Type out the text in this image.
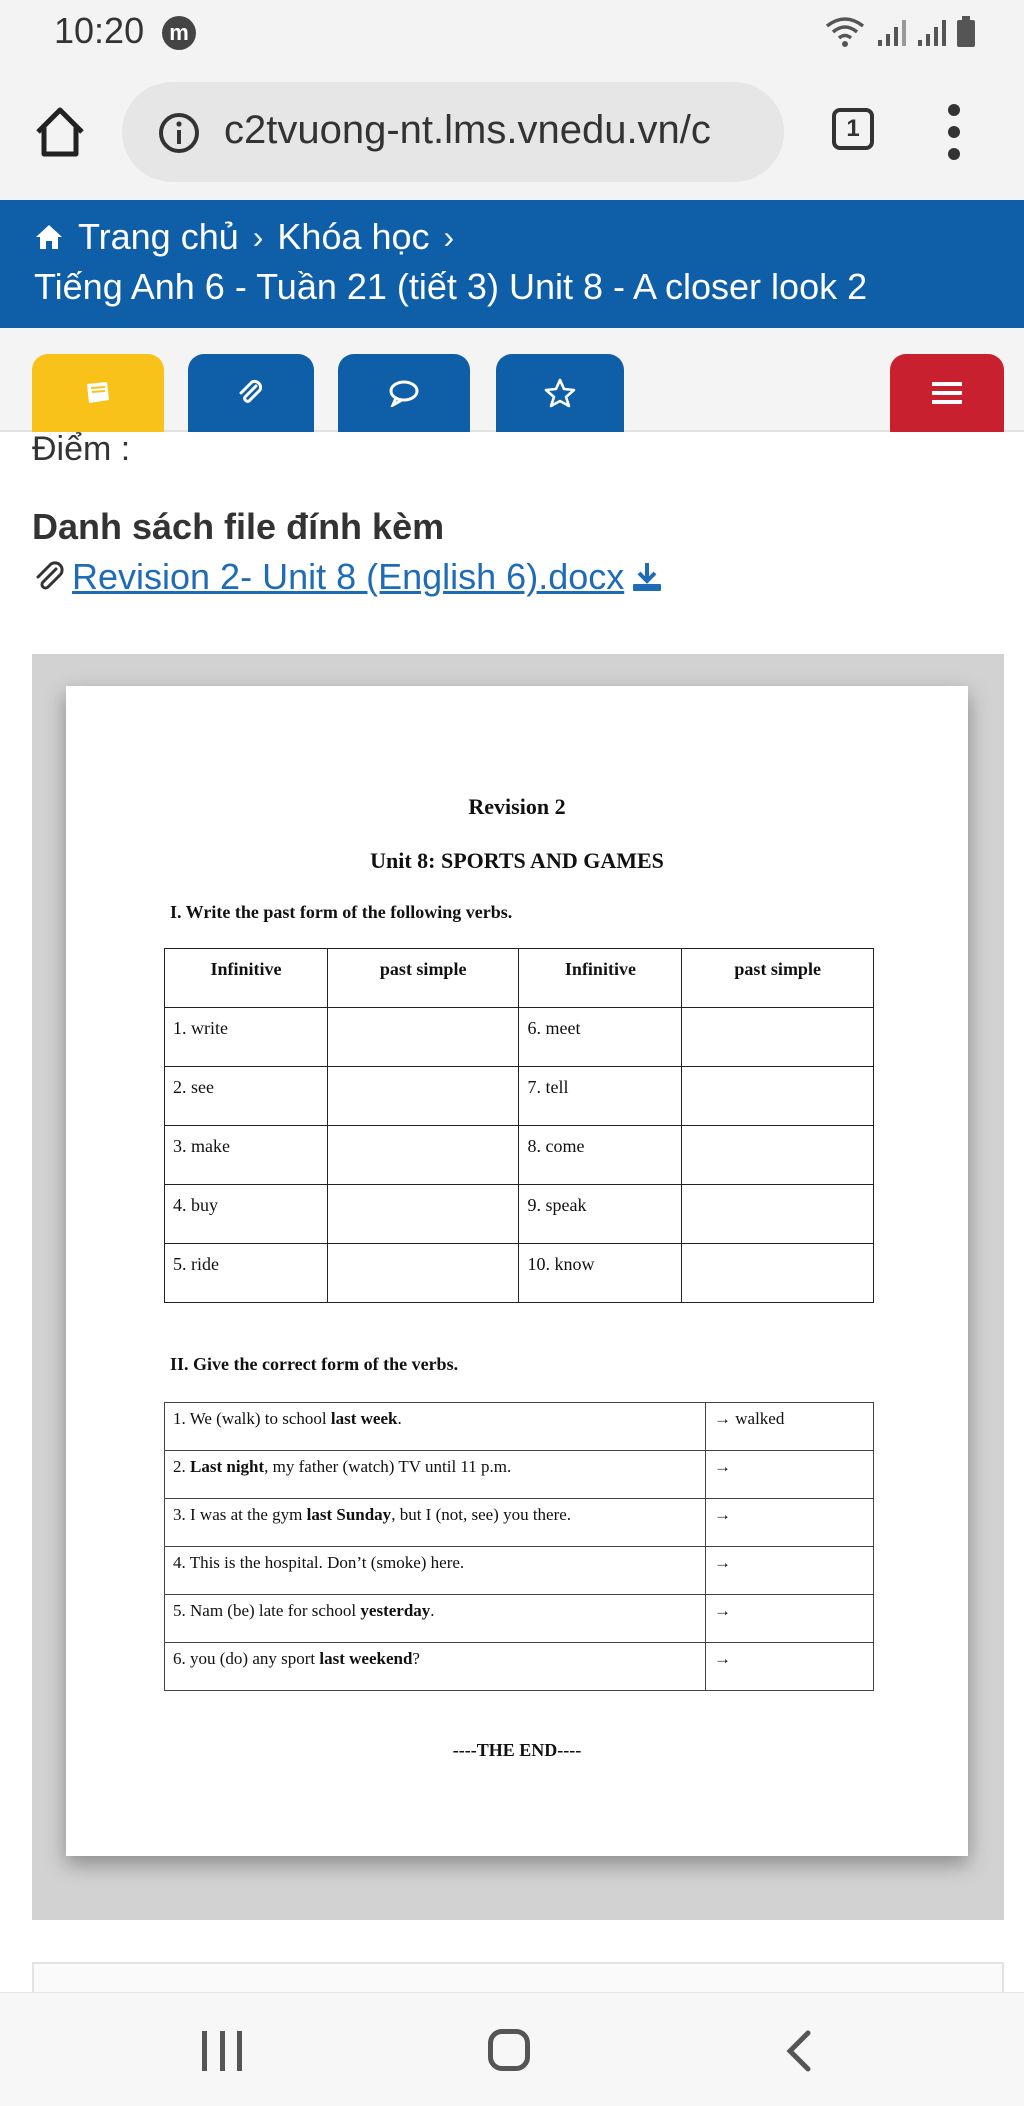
10:20	m
c2tvuong-nt.lms.vnedu.vn/c	1
Trang chủ › Khóa học ›
Tiếng Anh 6 - Tuần 21 (tiết 3) Unit 8 - A closer look 2
Điểm :
Danh sách file đính kèm
Revision 2- Unit 8 (English 6).docx
Revision 2
Unit 8: SPORTS AND GAMES
I. Write the past form of the following verbs.
Infinitive	past simple	Infinitive	past simple
1. write		6. meet	
2. see		7. tell	
3. make		8. come	
4. buy		9. speak	
5. ride		10. know	
II. Give the correct form of the verbs.
1. We (walk) to school last week.	→ walked
2. Last night, my father (watch) TV until 11 p.m.	→
3. I was at the gym last Sunday, but I (not, see) you there.	→
4. This is the hospital. Don’t (smoke) here.	→
5. Nam (be) late for school yesterday.	→
6. you (do) any sport last weekend?	→
----THE END----
